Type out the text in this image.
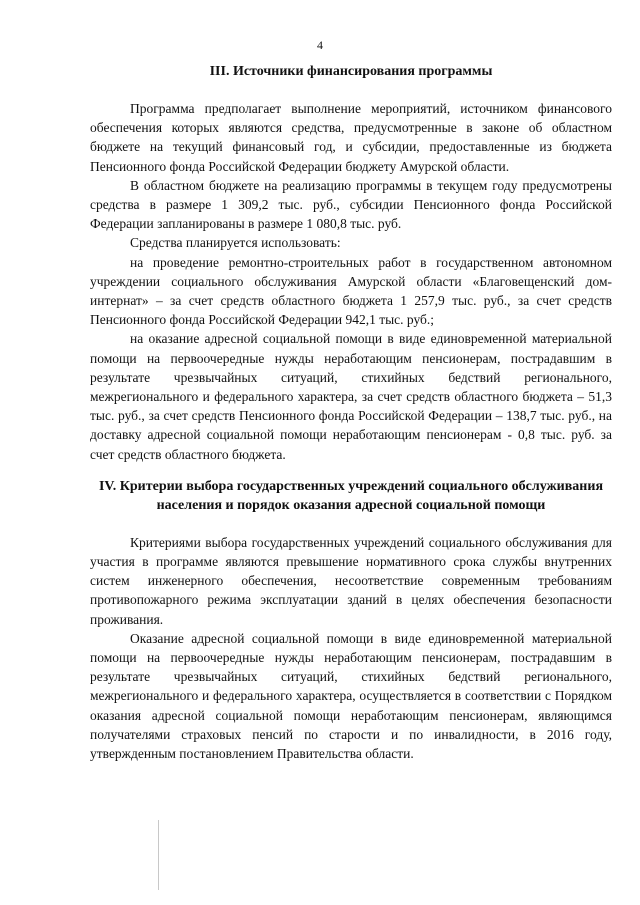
4
III. Источники финансирования программы

Программа предполагает выполнение мероприятий, источником финансового обеспечения которых являются средства, предусмотренные в законе об областном бюджете на текущий финансовый год, и субсидии, предоставленные из бюджета Пенсионного фонда Российской Федерации бюджету Амурской области.

В областном бюджете на реализацию программы в текущем году предусмотрены средства в размере 1 309,2 тыс. руб., субсидии Пенсионного фонда Российской Федерации запланированы в размере 1 080,8 тыс. руб.

Средства планируется использовать:

на проведение ремонтно-строительных работ в государственном автономном учреждении социального обслуживания Амурской области «Благовещенский дом-интернат» – за счет средств областного бюджета 1 257,9 тыс. руб., за счет средств Пенсионного фонда Российской Федерации 942,1 тыс. руб.;

на оказание адресной социальной помощи в виде единовременной материальной помощи на первоочередные нужды неработающим пенсионерам, пострадавшим в результате чрезвычайных ситуаций, стихийных бедствий регионального, межрегионального и федерального характера, за счет средств областного бюджета – 51,3 тыс. руб., за счет средств Пенсионного фонда Российской Федерации – 138,7 тыс. руб., на доставку адресной социальной помощи неработающим пенсионерам - 0,8 тыс. руб. за счет средств областного бюджета.

IV. Критерии выбора государственных учреждений социального обслуживания населения и порядок оказания адресной социальной помощи

Критериями выбора государственных учреждений социального обслуживания для участия в программе являются превышение нормативного срока службы внутренних систем инженерного обеспечения, несоответствие современным требованиям противопожарного режима эксплуатации зданий в целях обеспечения безопасности проживания.

Оказание адресной социальной помощи в виде единовременной материальной помощи на первоочередные нужды неработающим пенсионерам, пострадавшим в результате чрезвычайных ситуаций, стихийных бедствий регионального, межрегионального и федерального характера, осуществляется в соответствии с Порядком оказания адресной социальной помощи неработающим пенсионерам, являющимся получателями страховых пенсий по старости и по инвалидности, в 2016 году, утвержденным постановлением Правительства области.
